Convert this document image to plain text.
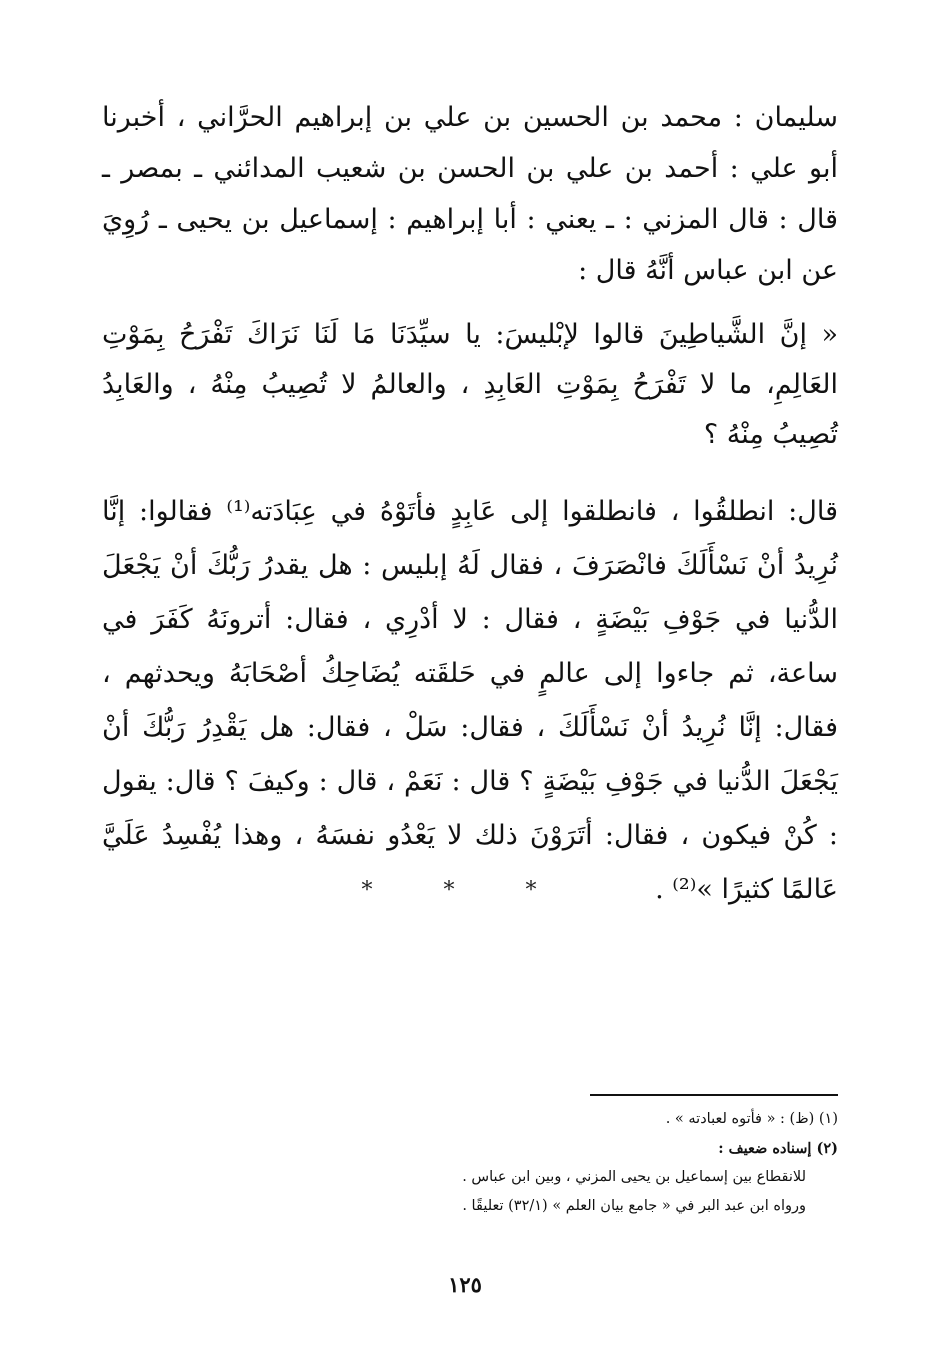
سليمان : محمد بن الحسين بن علي بن إبراهيم الحرَّاني ، أخبرنا أبو علي : أحمد بن علي بن الحسن بن شعيب المدائني ـ بمصر ـ قال : قال المزني : ـ يعني : أبا إبراهيم : إسماعيل بن يحيى ـ رُوِيَ عن ابن عباس أنَّهُ قال :

« إنَّ الشَّياطِينَ قالوا لإبْليسَ: يا سيِّدَنَا مَا لَنَا نَرَاكَ تَفْرَحُ بِمَوْتِ العَالِمِ، ما لا تَفْرَحُ بِمَوْتِ العَابِدِ ، والعالمُ لا تُصِيبُ مِنْهُ ، والعَابِدُ تُصِيبُ مِنْهُ ؟

قال: انطلقُوا ، فانطلقوا إلى عَابِدٍ فأتَوْهُ في عِبَادَته⁽¹⁾ فقالوا: إنَّا نُرِيدُ أنْ نَسْأَلَكَ فانْصَرَفَ ، فقال لَهُ إبليس : هل يقدرُ رَبُّكَ أنْ يَجْعَلَ الدُّنيا في جَوْفِ بَيْضَةٍ ، فقال : لا أدْرِي ، فقال: أترونَهُ كَفَرَ في ساعة، ثم جاءوا إلى عالمٍ في حَلقَته يُضَاحِكُ أصْحَابَهُ ويحدثهم ، فقال: إنَّا نُرِيدُ أنْ نَسْأَلَكَ ، فقال: سَلْ ، فقال: هل يَقْدِرُ رَبُّكَ أنْ يَجْعَلَ الدُّنيا في جَوْفِ بَيْضَةٍ ؟ قال : نَعَمْ ، قال : وكيفَ ؟ قال: يقول : كُنْ فيكون ، فقال: أتَرَوْنَ ذلك لا يَعْدُو نفسَهُ ، وهذا يُفْسِدُ عَلَيَّ عَالمًا كثيرًا »⁽²⁾ .

* * *
(١) (ظ) : « فأتوه لعبادته » .
(٢) إسناده ضعيف :
للانقطاع بين إسماعيل بن يحيى المزني ، وبين ابن عباس .
ورواه ابن عبد البر في « جامع بيان العلم » (٣٢/١) تعليقًا .
١٢٥
